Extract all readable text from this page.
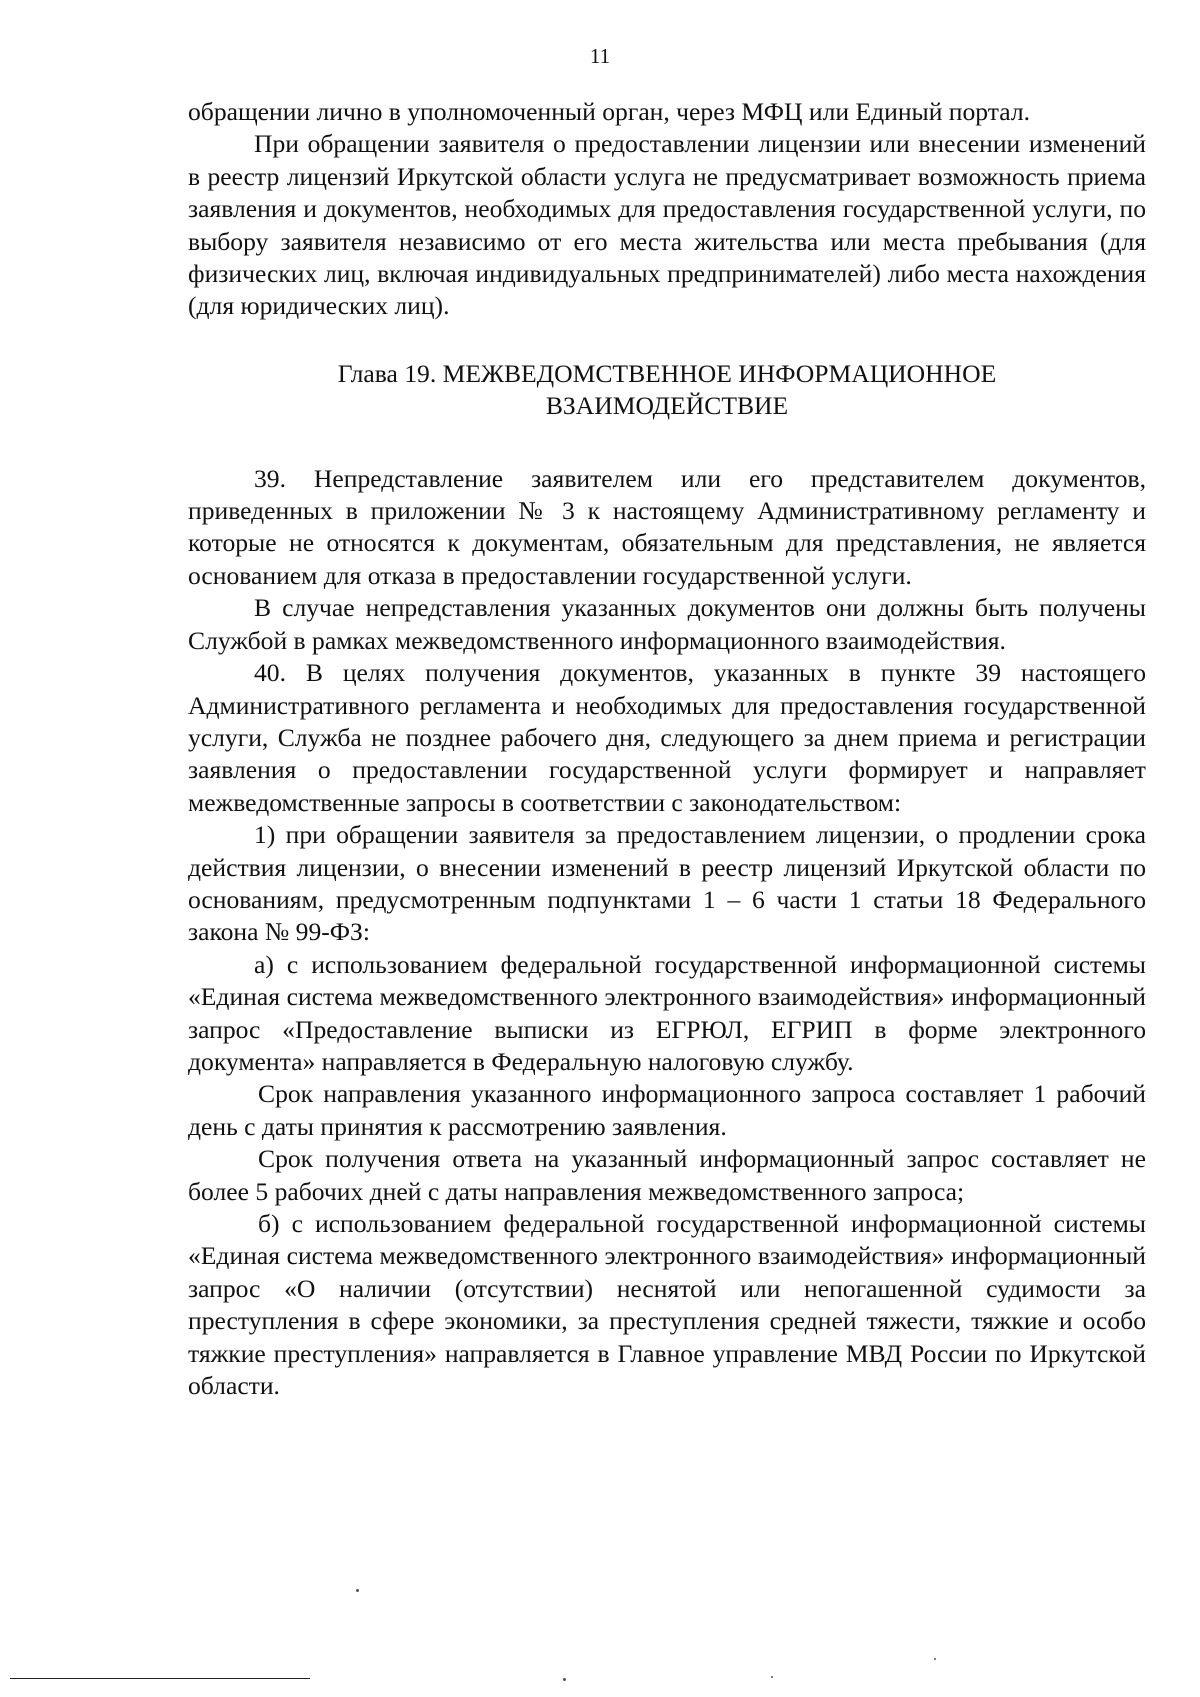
11

обращении лично в уполномоченный орган, через МФЦ или Единый портал.

При обращении заявителя о предоставлении лицензии или внесении изменений в реестр лицензий Иркутской области услуга не предусматривает возможность приема заявления и документов, необходимых для предоставления государственной услуги, по выбору заявителя независимо от его места жительства или места пребывания (для физических лиц, включая индивидуальных предпринимателей) либо места нахождения (для юридических лиц).

Глава 19. МЕЖВЕДОМСТВЕННОЕ ИНФОРМАЦИОННОЕ
ВЗАИМОДЕЙСТВИЕ

39. Непредставление заявителем или его представителем документов, приведенных в приложении № 3 к настоящему Административному регламенту и которые не относятся к документам, обязательным для представления, не является основанием для отказа в предоставлении государственной услуги.

В случае непредставления указанных документов они должны быть получены Службой в рамках межведомственного информационного взаимодействия.

40. В целях получения документов, указанных в пункте 39 настоящего Административного регламента и необходимых для предоставления государственной услуги, Служба не позднее рабочего дня, следующего за днем приема и регистрации заявления о предоставлении государственной услуги формирует и направляет межведомственные запросы в соответствии с законодательством:

1) при обращении заявителя за предоставлением лицензии, о продлении срока действия лицензии, о внесении изменений в реестр лицензий Иркутской области по основаниям, предусмотренным подпунктами 1 – 6 части 1 статьи 18 Федерального закона № 99-ФЗ:

а) с использованием федеральной государственной информационной системы «Единая система межведомственного электронного взаимодействия» информационный запрос «Предоставление выписки из ЕГРЮЛ, ЕГРИП в форме электронного документа» направляется в Федеральную налоговую службу.

Срок направления указанного информационного запроса составляет 1 рабочий день с даты принятия к рассмотрению заявления.

Срок получения ответа на указанный информационный запрос составляет не более 5 рабочих дней с даты направления межведомственного запроса;

б) с использованием федеральной государственной информационной системы «Единая система межведомственного электронного взаимодействия» информационный запрос «О наличии (отсутствии) неснятой или непогашенной судимости за преступления в сфере экономики, за преступления средней тяжести, тяжкие и особо тяжкие преступления» направляется в Главное управление МВД России по Иркутской области.
